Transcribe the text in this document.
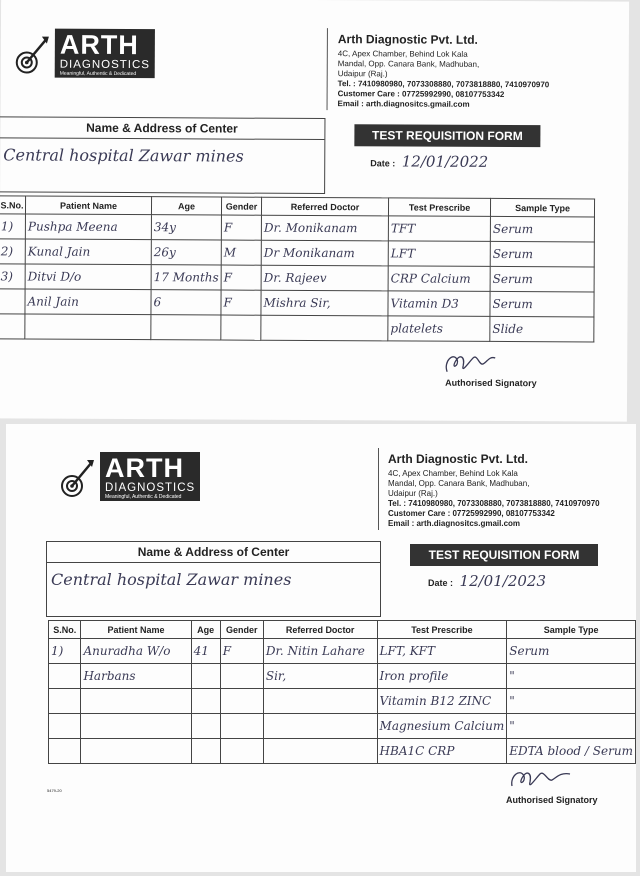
ARTH
DIAGNOSTICS
Meaningful, Authentic & Dedicated
Arth Diagnostic Pvt. Ltd.
4C, Apex Chamber, Behind Lok Kala
Mandal, Opp. Canara Bank, Madhuban,
Udaipur (Raj.)
Tel. : 7410980980, 7073308880, 7073818880, 7410970970
Customer Care : 07725992990, 08107753342
Email : arth.diagnositcs.gmail.com
Name & Address of Center
Central hospital Zawar mines
TEST REQUISITION FORM
Date : 12/01/2022
S.No.	Patient Name	Age	Gender	Referred Doctor	Test Prescribe	Sample Type
1)	Pushpa Meena	34y	F	Dr. Monikanam	TFT	Serum
2)	Kunal Jain	26y	M	Dr Monikanam	LFT	Serum
3)	Ditvi D/o	17 Months	F	Dr. Rajeev	CRP Calcium	Serum
	Anil Jain	6	F	Mishra Sir,	Vitamin D3	Serum
					platelets	Slide
Authorised Signatory
ARTH
DIAGNOSTICS
Meaningful, Authentic & Dedicated
Arth Diagnostic Pvt. Ltd.
4C, Apex Chamber, Behind Lok Kala
Mandal, Opp. Canara Bank, Madhuban,
Udaipur (Raj.)
Tel. : 7410980980, 7073308880, 7073818880, 7410970970
Customer Care : 07725992990, 08107753342
Email : arth.diagnositcs.gmail.com
Name & Address of Center
Central hospital Zawar mines
TEST REQUISITION FORM
Date : 12/01/2023
S.No.	Patient Name	Age	Gender	Referred Doctor	Test Prescribe	Sample Type
1)	Anuradha W/o	41	F	Dr. Nitin Lahare	LFT, KFT	Serum
	Harbans			Sir,	Iron profile	"
					Vitamin B12 ZINC	"
					Magnesium Calcium	"
					HBA1C CRP	EDTA blood / Serum
5479-20
Authorised Signatory
